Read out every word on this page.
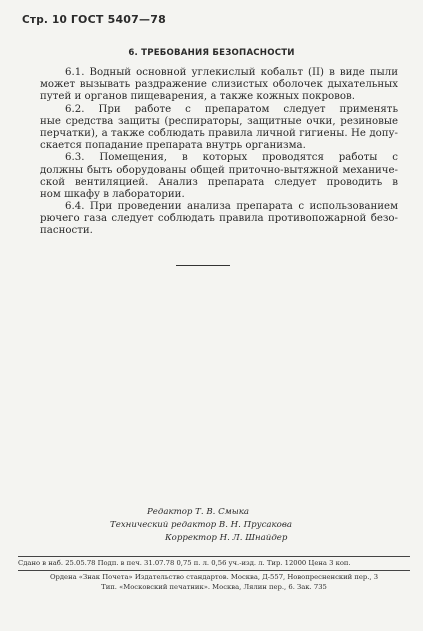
Стр. 10 ГОСТ 5407—78
6. ТРЕБОВАНИЯ БЕЗОПАСНОСТИ
6.1. Водный основной углекислый кобальт (II) в виде пыли
может вызывать раздражение слизистых оболочек дыхательных
путей и органов пищеварения, а также кожных покровов.
6.2. При работе с препаратом следует применять
ные средства защиты (респираторы, защитные очки, резиновые
перчатки), а также соблюдать правила личной гигиены. Не допу-
скается попадание препарата внутрь организма.
6.3. Помещения, в которых проводятся работы с
должны быть оборудованы общей приточно-вытяжной механиче-
ской вентиляцией. Анализ препарата следует проводить в
ном шкафу в лаборатории.
6.4. При проведении анализа препарата с использованием
рючего газа следует соблюдать правила противопожарной безо-
пасности.
Редактор Т. В. Смыка
Технический редактор В. Н. Прусакова
Корректор Н. Л. Шнайдер
Сдано в наб. 25.05.78 Подп. в печ. 31.07.78 0,75 п. л. 0,56 уч.-изд. л. Тир. 12000 Цена 3 коп.
Ордена «Знак Почета» Издательство стандартов. Москва, Д-557, Новопресненский пер., 3
Тип. «Московский печатник». Москва, Лялин пер., 6. Зак. 735
